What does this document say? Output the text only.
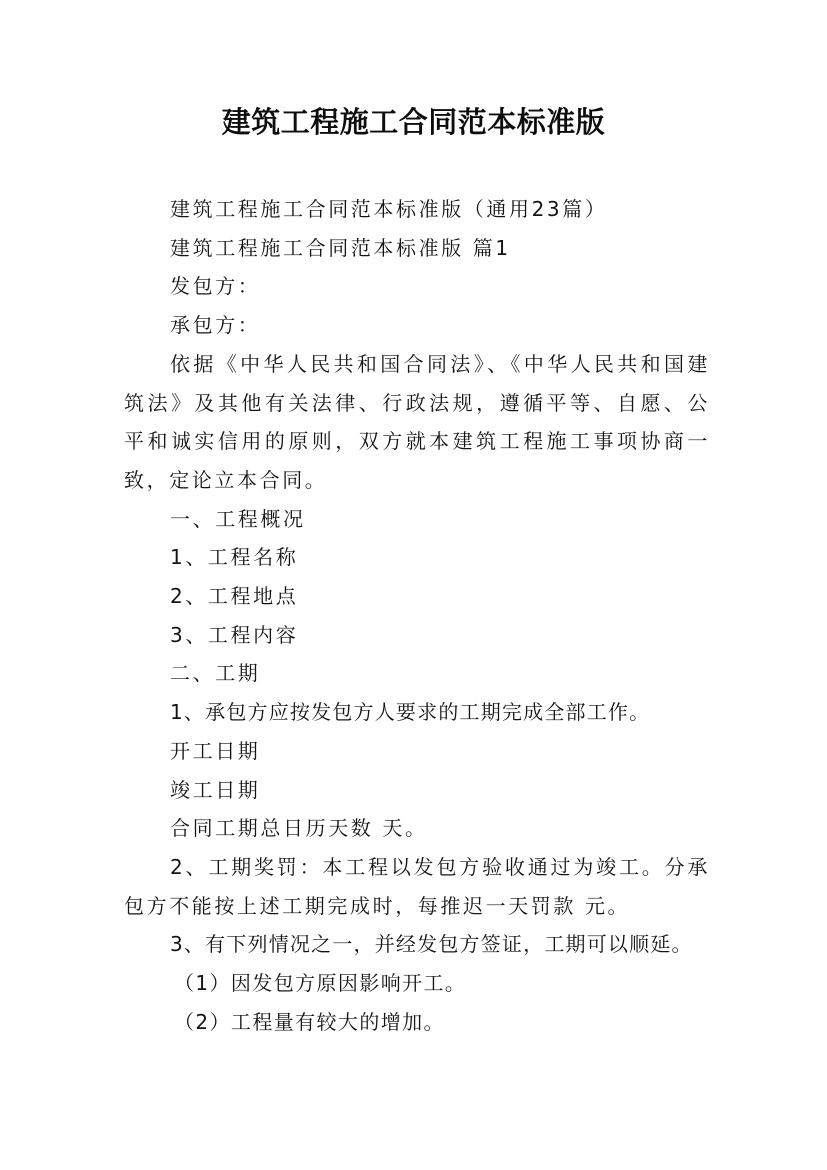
建筑工程施工合同范本标准版

建筑工程施工合同范本标准版（通用23篇）

建筑工程施工合同范本标准版 篇1

发包方：

承包方：

依据《中华人民共和国合同法》、《中华人民共和国建筑法》及其他有关法律、行政法规，遵循平等、自愿、公平和诚实信用的原则，双方就本建筑工程施工事项协商一致，定论立本合同。

一、工程概况

1、工程名称

2、工程地点

3、工程内容

二、工期

1、承包方应按发包方人要求的工期完成全部工作。

开工日期

竣工日期

合同工期总日历天数 天。

2、工期奖罚：本工程以发包方验收通过为竣工。分承包方不能按上述工期完成时，每推迟一天罚款 元。

3、有下列情况之一，并经发包方签证，工期可以顺延。

（1）因发包方原因影响开工。

（2）工程量有较大的增加。
